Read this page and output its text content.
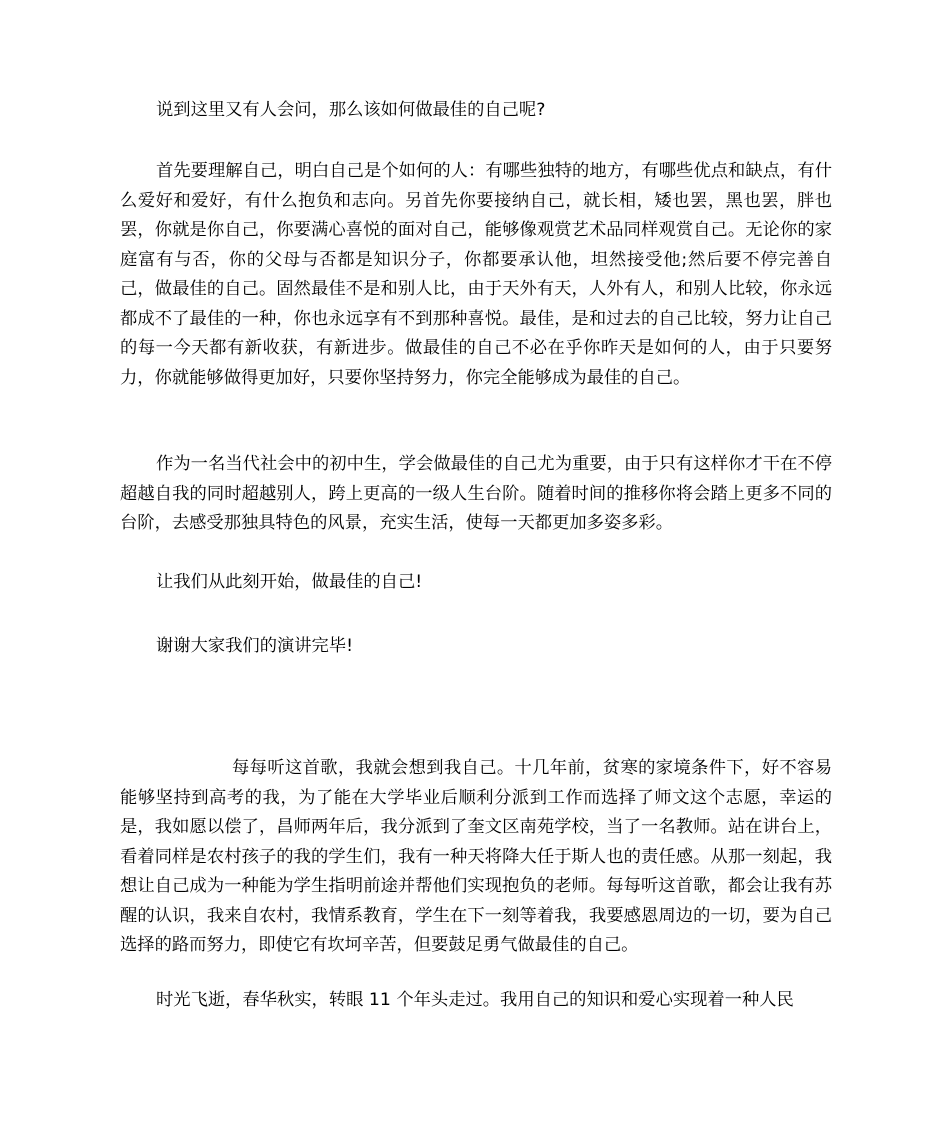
说到这里又有人会问，那么该如何做最佳的自己呢?

首先要理解自己，明白自己是个如何的人：有哪些独特的地方，有哪些优点和缺点，有什么爱好和爱好，有什么抱负和志向。另首先你要接纳自己，就长相，矮也罢，黑也罢，胖也罢，你就是你自己，你要满心喜悦的面对自己，能够像观赏艺术品同样观赏自己。无论你的家庭富有与否，你的父母与否都是知识分子，你都要承认他，坦然接受他;然后要不停完善自己，做最佳的自己。固然最佳不是和别人比，由于天外有天，人外有人，和别人比较，你永远都成不了最佳的一种，你也永远享有不到那种喜悦。最佳，是和过去的自己比较，努力让自己的每一今天都有新收获，有新进步。做最佳的自己不必在乎你昨天是如何的人，由于只要努力，你就能够做得更加好，只要你坚持努力，你完全能够成为最佳的自己。

作为一名当代社会中的初中生，学会做最佳的自己尤为重要，由于只有这样你才干在不停超越自我的同时超越别人，跨上更高的一级人生台阶。随着时间的推移你将会踏上更多不同的台阶，去感受那独具特色的风景，充实生活，使每一天都更加多姿多彩。

让我们从此刻开始，做最佳的自己!

谢谢大家我们的演讲完毕!

每每听这首歌，我就会想到我自己。十几年前，贫寒的家境条件下，好不容易能够坚持到高考的我，为了能在大学毕业后顺利分派到工作而选择了师文这个志愿，幸运的是，我如愿以偿了，昌师两年后，我分派到了奎文区南苑学校，当了一名教师。站在讲台上，看着同样是农村孩子的我的学生们，我有一种天将降大任于斯人也的责任感。从那一刻起，我想让自己成为一种能为学生指明前途并帮他们实现抱负的老师。每每听这首歌，都会让我有苏醒的认识，我来自农村，我情系教育，学生在下一刻等着我，我要感恩周边的一切，要为自己选择的路而努力，即使它有坎坷辛苦，但要鼓足勇气做最佳的自己。

时光飞逝，春华秋实，转眼 11 个年头走过。我用自己的知识和爱心实现着一种人民
